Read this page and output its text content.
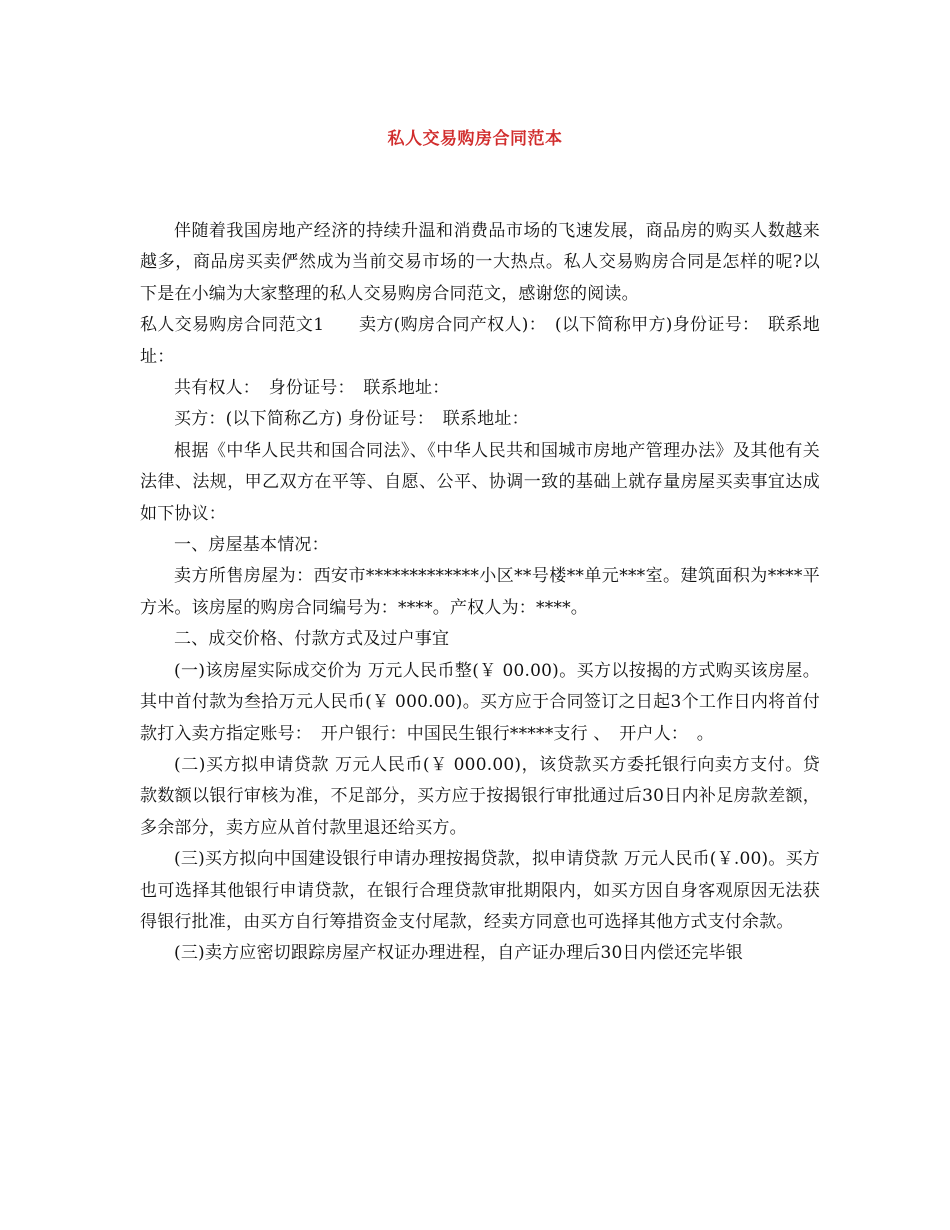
私人交易购房合同范本

伴随着我国房地产经济的持续升温和消费品市场的飞速发展，商品房的购买人数越来越多，商品房买卖俨然成为当前交易市场的一大热点。私人交易购房合同是怎样的呢?以下是在小编为大家整理的私人交易购房合同范文，感谢您的阅读。

私人交易购房合同范文1　　卖方(购房合同产权人)：　(以下简称甲方)身份证号：　联系地址：

共有权人：　身份证号：　联系地址：

买方：(以下简称乙方) 身份证号：　联系地址：

根据《中华人民共和国合同法》、《中华人民共和国城市房地产管理办法》及其他有关法律、法规，甲乙双方在平等、自愿、公平、协调一致的基础上就存量房屋买卖事宜达成如下协议：

一、房屋基本情况：

卖方所售房屋为：西安市*************小区**号楼**单元***室。建筑面积为****平方米。该房屋的购房合同编号为：****。产权人为：****。

二、成交价格、付款方式及过户事宜

(一)该房屋实际成交价为 万元人民币整(￥ 00.00)。买方以按揭的方式购买该房屋。其中首付款为叁拾万元人民币(￥ 000.00)。买方应于合同签订之日起3个工作日内将首付款打入卖方指定账号：　开户银行：中国民生银行*****支行 、　开户人：　。

(二)买方拟申请贷款 万元人民币(￥ 000.00)，该贷款买方委托银行向卖方支付。贷款数额以银行审核为准，不足部分，买方应于按揭银行审批通过后30日内补足房款差额，多余部分，卖方应从首付款里退还给买方。

(三)买方拟向中国建设银行申请办理按揭贷款，拟申请贷款 万元人民币(￥.00)。买方也可选择其他银行申请贷款，在银行合理贷款审批期限内，如买方因自身客观原因无法获得银行批准，由买方自行筹措资金支付尾款，经卖方同意也可选择其他方式支付余款。

(三)卖方应密切跟踪房屋产权证办理进程，自产证办理后30日内偿还完毕银
